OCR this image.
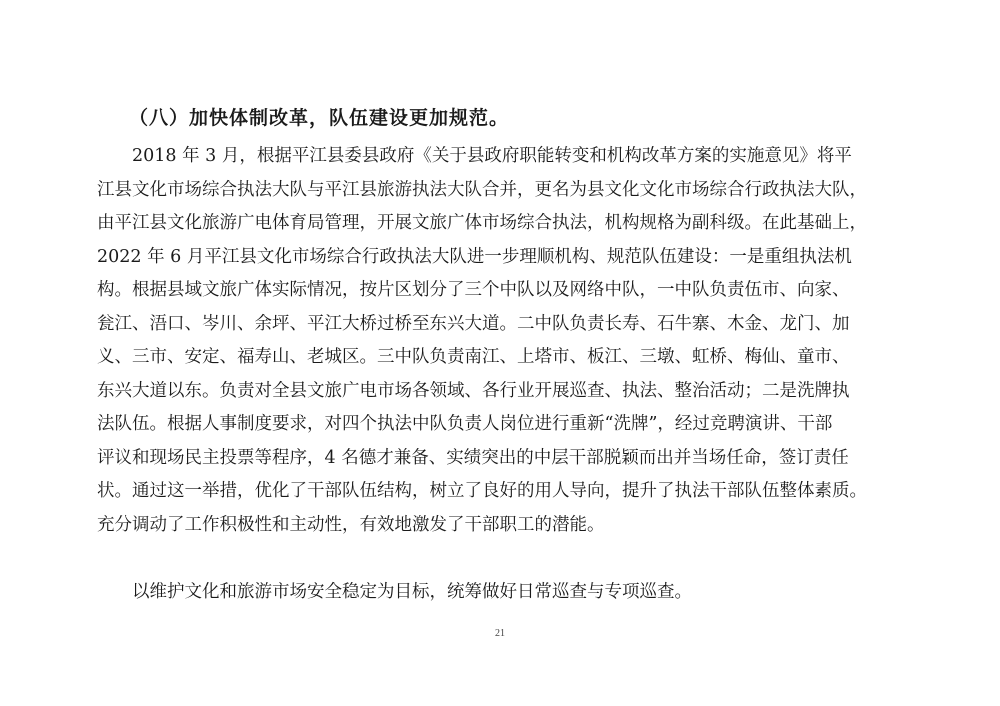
（八）加快体制改革，队伍建设更加规范。
2018 年 3 月，根据平江县委县政府《关于县政府职能转变和机构改革方案的实施意见》将平
江县文化市场综合执法大队与平江县旅游执法大队合并，更名为县文化文化市场综合行政执法大队，
由平江县文化旅游广电体育局管理，开展文旅广体市场综合执法，机构规格为副科级。在此基础上，
2022 年 6 月平江县文化市场综合行政执法大队进一步理顺机构、规范队伍建设：一是重组执法机
构。根据县域文旅广体实际情况，按片区划分了三个中队以及网络中队，一中队负责伍市、向家、
瓮江、浯口、岑川、余坪、平江大桥过桥至东兴大道。二中队负责长寿、石牛寨、木金、龙门、加
义、三市、安定、福寿山、老城区。三中队负责南江、上塔市、板江、三墩、虹桥、梅仙、童市、
东兴大道以东。负责对全县文旅广电市场各领域、各行业开展巡查、执法、整治活动；二是洗牌执
法队伍。根据人事制度要求，对四个执法中队负责人岗位进行重新“洗牌”，经过竞聘演讲、干部
评议和现场民主投票等程序，4 名德才兼备、实绩突出的中层干部脱颖而出并当场任命，签订责任
状。通过这一举措，优化了干部队伍结构，树立了良好的用人导向，提升了执法干部队伍整体素质。
充分调动了工作积极性和主动性，有效地激发了干部职工的潜能。
以维护文化和旅游市场安全稳定为目标，统筹做好日常巡查与专项巡查。
21
